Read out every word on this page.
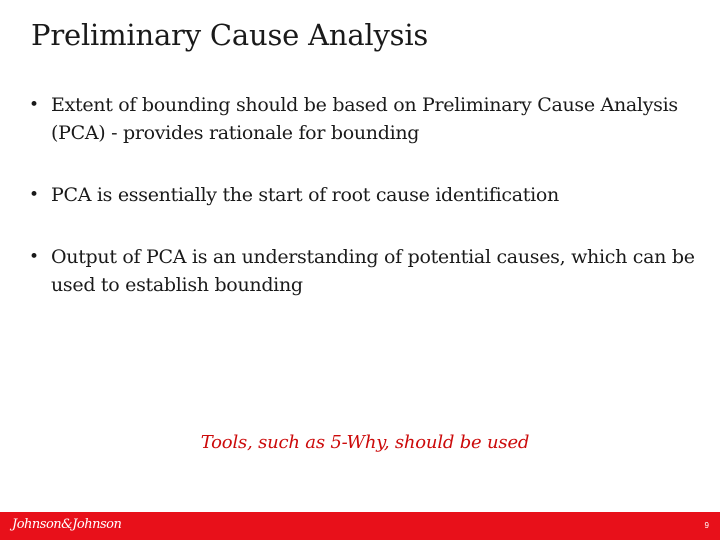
Preliminary Cause Analysis
• Extent of bounding should be based on Preliminary Cause Analysis (PCA) - provides rationale for bounding
• PCA is essentially the start of root cause identification
• Output of PCA is an understanding of potential causes, which can be used to establish bounding
Tools, such as 5-Why, should be used
Johnson&Johnson	9
